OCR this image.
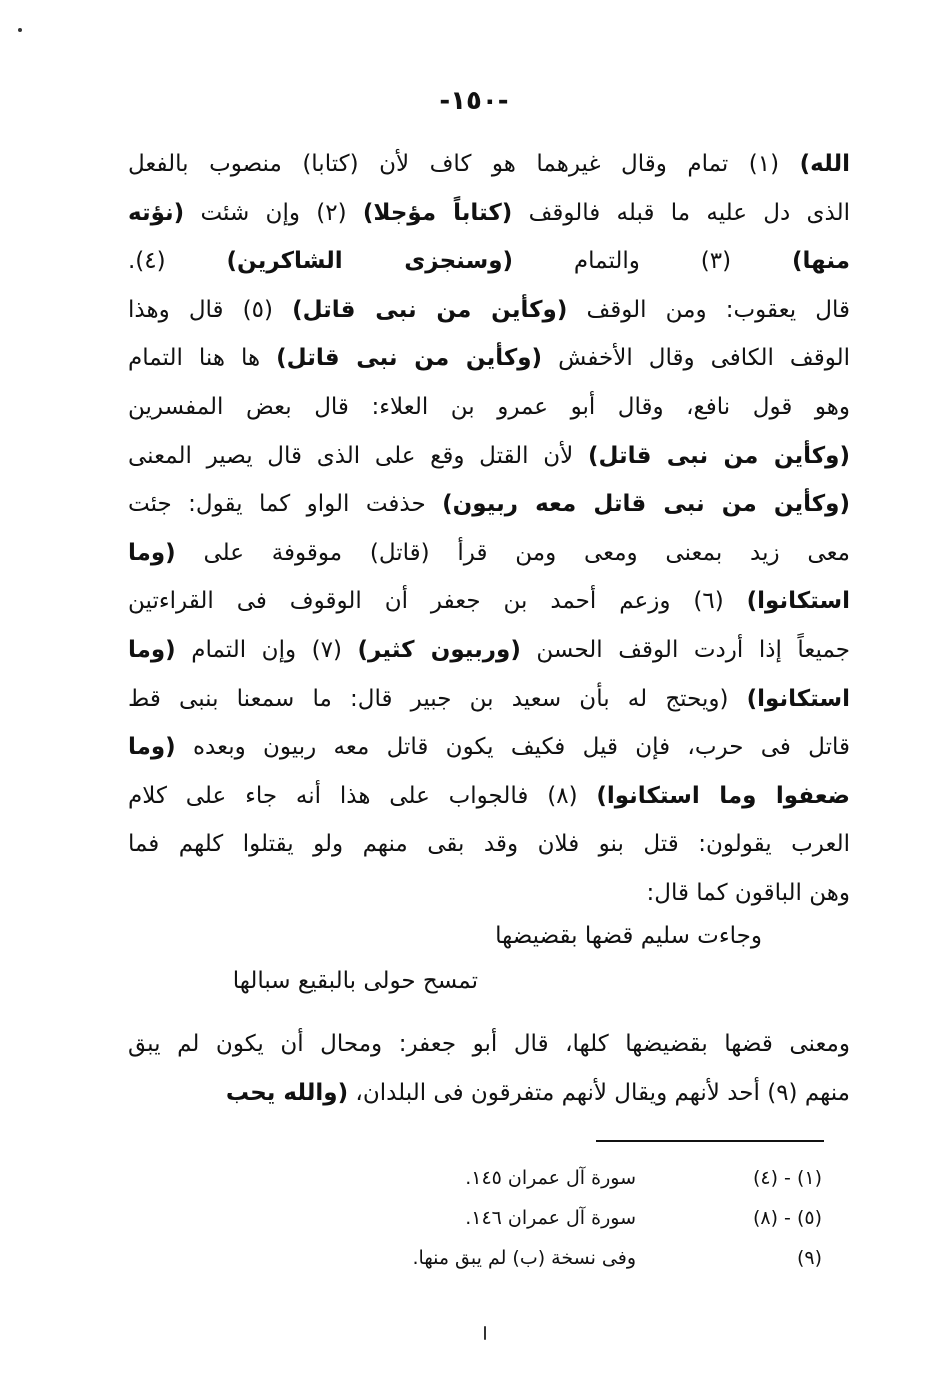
-١٥٠-
الله) (١) تمام وقال غيرهما هو كاف لأن (كتابا) منصوب بالفعل
الذى دل عليه ما قبله فالوقف (كتاباً مؤجلا) (٢) وإن شئت (نؤته
منها) (٣) والتمام (وسنجزى الشاكرين) (٤).
قال يعقوب: ومن الوقف (وكأين من نبى قاتل) (٥) قال وهذا
الوقف الكافى وقال الأخفش (وكأين من نبى قاتل) ها هنا التمام
وهو قول نافع، وقال أبو عمرو بن العلاء: قال بعض المفسرين
(وكأين من نبى قاتل) لأن القتل وقع على الذى قال يصير المعنى
(وكأين من نبى قاتل معه ربيون) حذفت الواو كما يقول: جئت
معى زيد بمعنى ومعى ومن قرأ (قاتل) موقوفة على (وما
استكانوا) (٦) وزعم أحمد بن جعفر أن الوقوف فى القراءتين
جميعاً إذا أردت الوقف الحسن (وربيون كثير) (٧) وإن التمام (وما
استكانوا) (ويحتج له بأن سعيد بن جبير قال: ما سمعنا بنبى قط
قاتل فى حرب، فإن قيل فكيف يكون قاتل معه ربيون وبعده (وما
ضعفوا وما استكانوا) (٨) فالجواب على هذا أنه جاء على كلام
العرب يقولون: قتل بنو فلان وقد بقى منهم ولو يقتلوا كلهم فما
وهن الباقون كما قال:
وجاءت سليم قضها بقضيضها
تمسح حولى بالبقيع سبالها
ومعنى قضها بقضيضها كلها، قال أبو جعفر: ومحال أن يكون لم يبق
منهم (٩) أحد لأنهم ويقال لأنهم متفرقون فى البلدان، (والله يحب
(١) - (٤)
سورة آل عمران ١٤٥.
(٥) - (٨)
سورة آل عمران ١٤٦.
(٩)
وفى نسخة (ب) لم يبق منها.
